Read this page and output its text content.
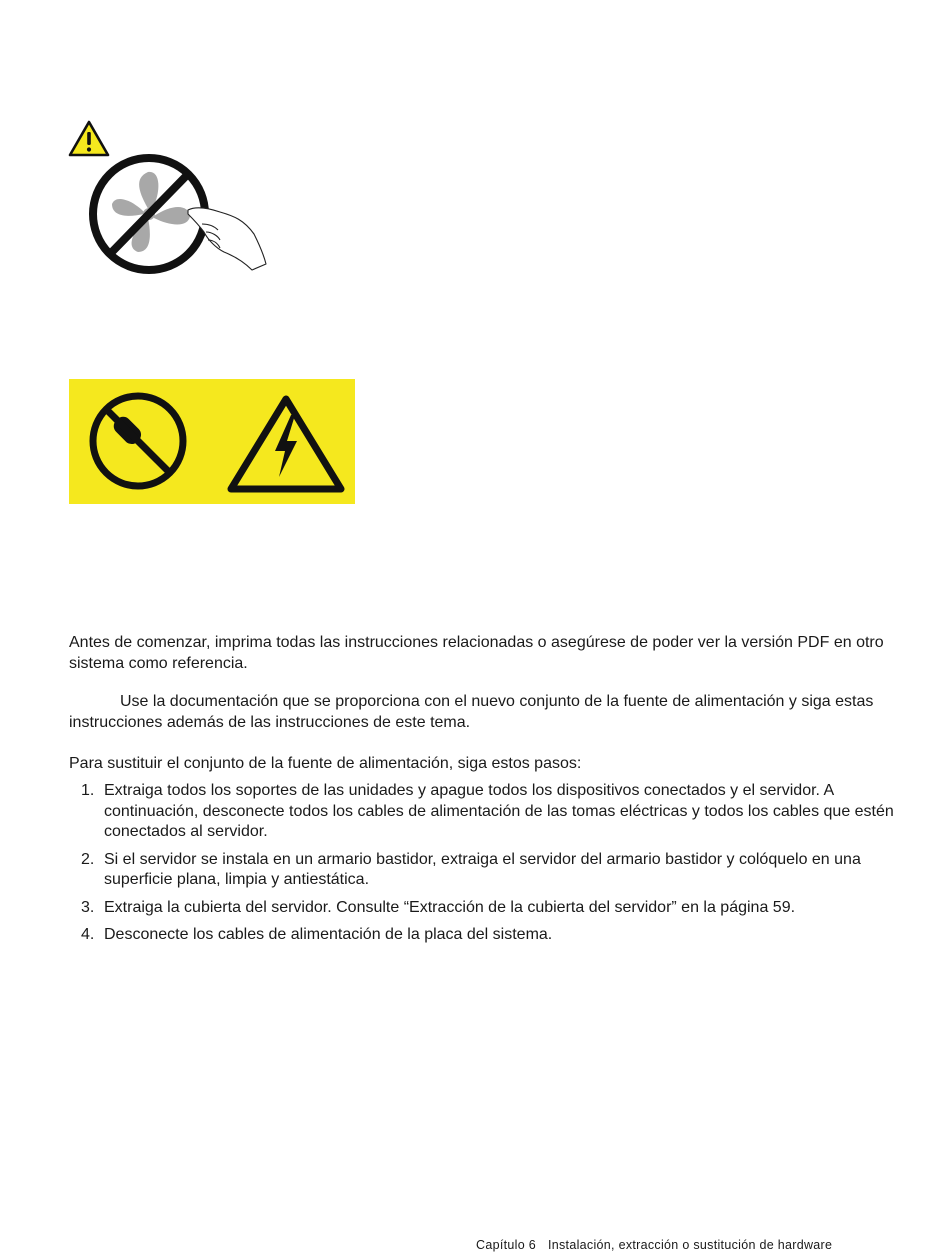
Antes de comenzar, imprima todas las instrucciones relacionadas o asegúrese de poder ver la versión PDF en otro sistema como referencia.

Use la documentación que se proporciona con el nuevo conjunto de la fuente de alimentación y siga estas instrucciones además de las instrucciones de este tema.

Para sustituir el conjunto de la fuente de alimentación, siga estos pasos:

1. Extraiga todos los soportes de las unidades y apague todos los dispositivos conectados y el servidor. A continuación, desconecte todos los cables de alimentación de las tomas eléctricas y todos los cables que estén conectados al servidor.
2. Si el servidor se instala en un armario bastidor, extraiga el servidor del armario bastidor y colóquelo en una superficie plana, limpia y antiestática.
3. Extraiga la cubierta del servidor. Consulte “Extracción de la cubierta del servidor” en la página 59.
4. Desconecte los cables de alimentación de la placa del sistema.
Capítulo 6 Instalación, extracción o sustitución de hardware
